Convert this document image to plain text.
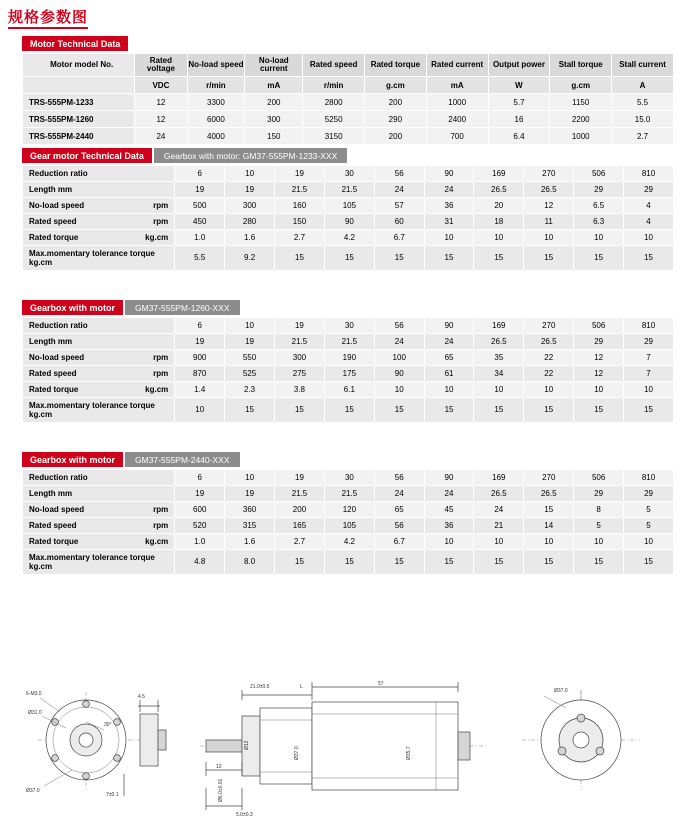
规格参数图
Motor Technical Data
Motor model No.	Rated voltage	No-load speed	No-load current	Rated speed	Rated torque	Rated current	Output power	Stall torque	Stall current
	VDC	r/min	mA	r/min	g.cm	mA	W	g.cm	A
TRS-555PM-1233	12	3300	200	2800	200	1000	5.7	1150	5.5
TRS-555PM-1260	12	6000	300	5250	290	2400	16	2200	15.0
TRS-555PM-2440	24	4000	150	3150	200	700	6.4	1000	2.7
Gear motor Technical Data	Gearbox with motor: GM37-555PM-1233-XXX
Reduction ratio	6	10	19	30	56	90	169	270	506	810
Length mm	19	19	21.5	21.5	24	24	26.5	26.5	29	29
No-load speed rpm	500	300	160	105	57	36	20	12	6.5	4
Rated speed rpm	450	280	150	90	60	31	18	11	6.3	4
Rated torque kg.cm	1.0	1.6	2.7	4.2	6.7	10	10	10	10	10
Max.momentary tolerance torque kg.cm	5.5	9.2	15	15	15	15	15	15	15	15
Gearbox with motor	GM37-555PM-1260-XXX
Reduction ratio	6	10	19	30	56	90	169	270	506	810
Length mm	19	19	21.5	21.5	24	24	26.5	26.5	29	29
No-load speed rpm	900	550	300	190	100	65	35	22	12	7
Rated speed rpm	870	525	275	175	90	61	34	22	12	7
Rated torque kg.cm	1.4	2.3	3.8	6.1	10	10	10	10	10	10
Max.momentary tolerance torque kg.cm	10	15	15	15	15	15	15	15	15	15
Gearbox with motor	GM37-555PM-2440-XXX
Reduction ratio	6	10	19	30	56	90	169	270	506	810
Length mm	19	19	21.5	21.5	24	24	26.5	26.5	29	29
No-load speed rpm	600	360	200	120	65	45	24	15	8	5
Rated speed rpm	520	315	165	105	56	36	21	14	5	5
Rated torque kg.cm	1.0	1.6	2.7	4.2	6.7	10	10	10	10	10
Max.momentary tolerance torque kg.cm	4.8	8.0	15	15	15	15	15	15	15	15
6-M3.0
Ø31.0
Ø37.0
30°
4.5
7±0.1
21.0±0.5	L	57
12
Ø12
Ø37.0	Ø35.7
Ø6.0±0.01
5.0±0.3
Ø37.0
